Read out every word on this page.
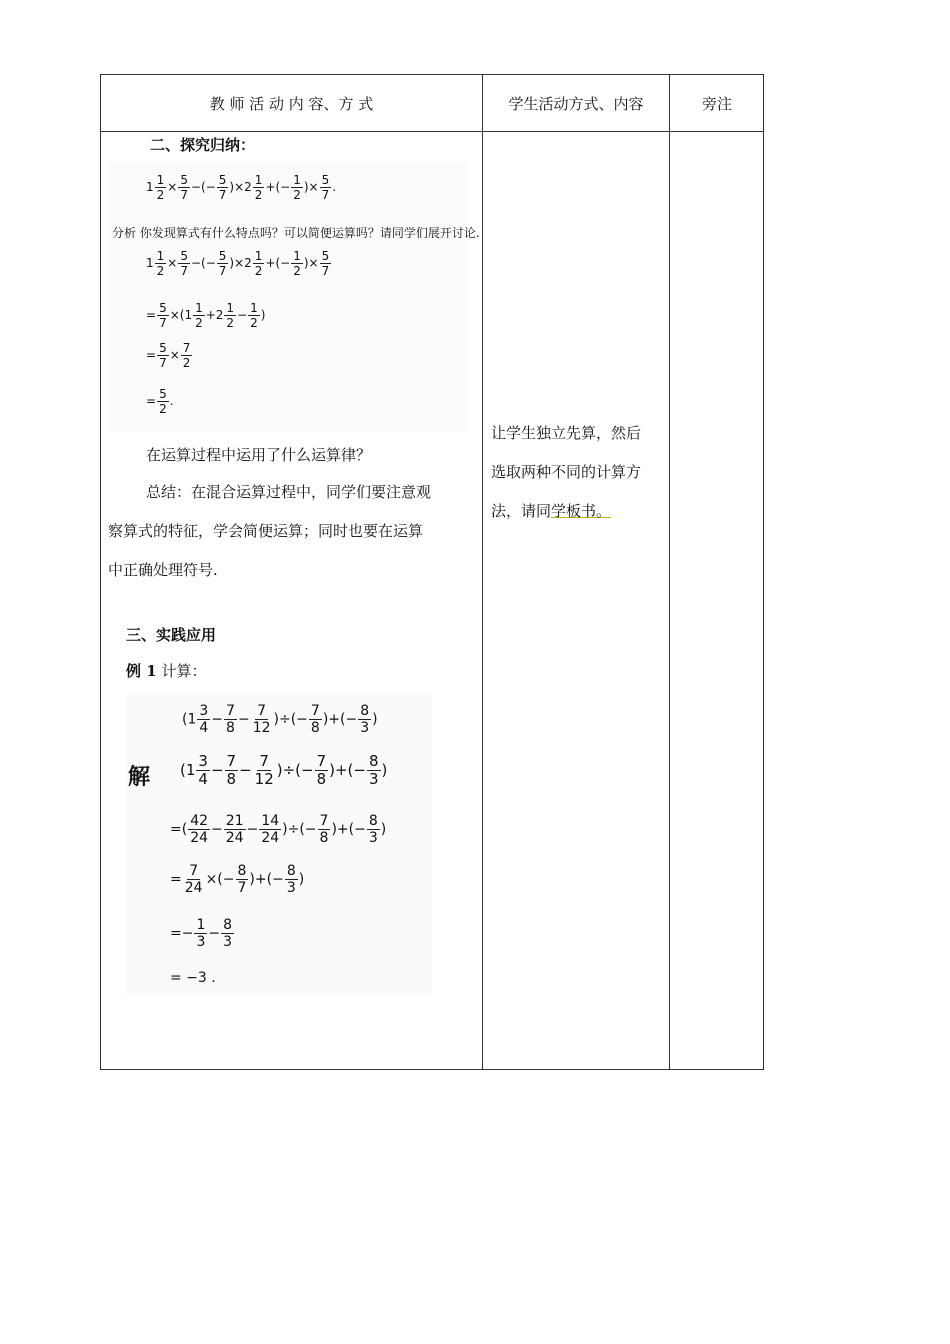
教 师 活 动 内 容、方 式	学生活动方式、内容	旁注
二、探究归纳：
$1 \frac{1}{2} \times \frac{5}{7}$ −(− $\frac{5}{7} )\times 2 \frac{1}{2}$ +(− $\frac{1}{2}$ )× $\frac{5}{7}$ .
分析 你发现算式有什么特点吗？可以简便运算吗？请同学们展开讨论.
$1 \frac{1}{2} \times \frac{5}{7}$ −(− $\frac{5}{7} )\times 2 \frac{1}{2}$ +(− $\frac{1}{2}$ )× $\frac{5}{7}$
= $\frac{5}{7} \times(1 \frac{1}{2} +2 \frac{1}{2} - \frac{1}{2}$ )
= $\frac{5}{7} \times \frac{7}{2}$
= $\frac{5}{2}$ .
在运算过程中运用了什么运算律？
总结：在混合运算过程中，同学们要注意观
察算式的特征，学会简便运算；同时也要在运算
中正确处理符号.
三、实践应用
例 1 计算：
($1 \frac{3}{4} - \frac{7}{8} - \frac{7}{12}$ )÷(− $\frac{7}{8}$ )+(− $\frac{8}{3}$ )
解 ($1 \frac{3}{4} - \frac{7}{8} - \frac{7}{12}$ )÷(− $\frac{7}{8}$ )+(− $\frac{8}{3}$ )
=( $\frac{42}{24} - \frac{21}{24} - \frac{14}{24}$ )÷(− $\frac{7}{8}$ )+(− $\frac{8}{3}$ )
= $\frac{7}{24}$ ×(− $\frac{8}{7}$ )+(− $\frac{8}{3}$ )
=− $\frac{1}{3} - \frac{8}{3}$
= −3 .
让学生独立先算，然后
选取两种不同的计算方
法，请同学板书。
